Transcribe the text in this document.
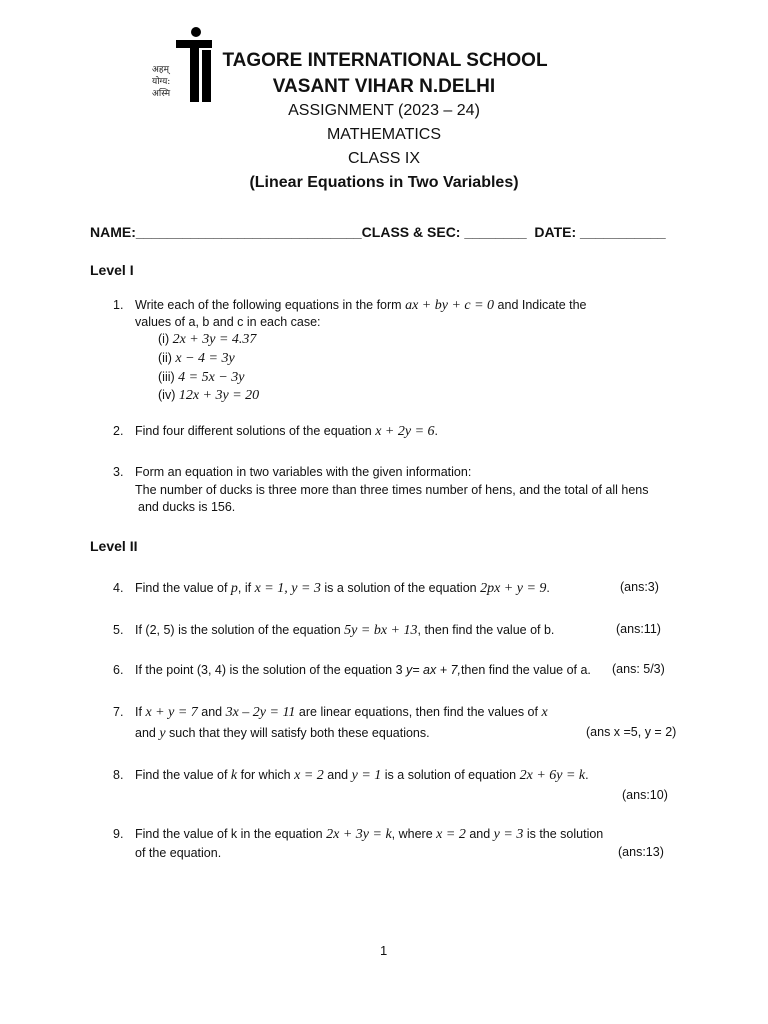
अहम्
योग्य:
अस्मि
TAGORE INTERNATIONAL SCHOOL
VASANT VIHAR N.DELHI
ASSIGNMENT (2023 – 24)
MATHEMATICS
CLASS IX
(Linear Equations in Two Variables)
NAME:_____________________________CLASS & SEC: ________  DATE: ___________
Level I
1. Write each of the following equations in the form ax + by + c = 0 and Indicate the
values of a, b and c in each case:
(i) 2x + 3y = 4.37
(ii) x − 4 = 3y
(iii) 4 = 5x − 3y
(iv) 12x + 3y = 20
2. Find four different solutions of the equation x + 2y = 6.
3. Form an equation in two variables with the given information:
The number of ducks is three more than three times number of hens, and the total of all hens
and ducks is 156.
Level II
4. Find the value of p, if x = 1, y = 3 is a solution of the equation 2px + y = 9.	(ans:3)
5. If (2, 5) is the solution of the equation 5y = bx + 13, then find the value of b.	(ans:11)
6. If the point (3, 4) is the solution of the equation 3 y= ax + 7,then find the value of a. (ans: 5/3)
7. If x + y = 7 and 3x – 2y = 11 are linear equations, then find the values of x
and y such that they will satisfy both these equations.	(ans x =5, y = 2)
8. Find the value of k for which x = 2 and y = 1 is a solution of equation 2x + 6y = k.
(ans:10)
9. Find the value of k in the equation 2x + 3y = k, where x = 2 and y = 3 is the solution
of the equation.	(ans:13)
1
